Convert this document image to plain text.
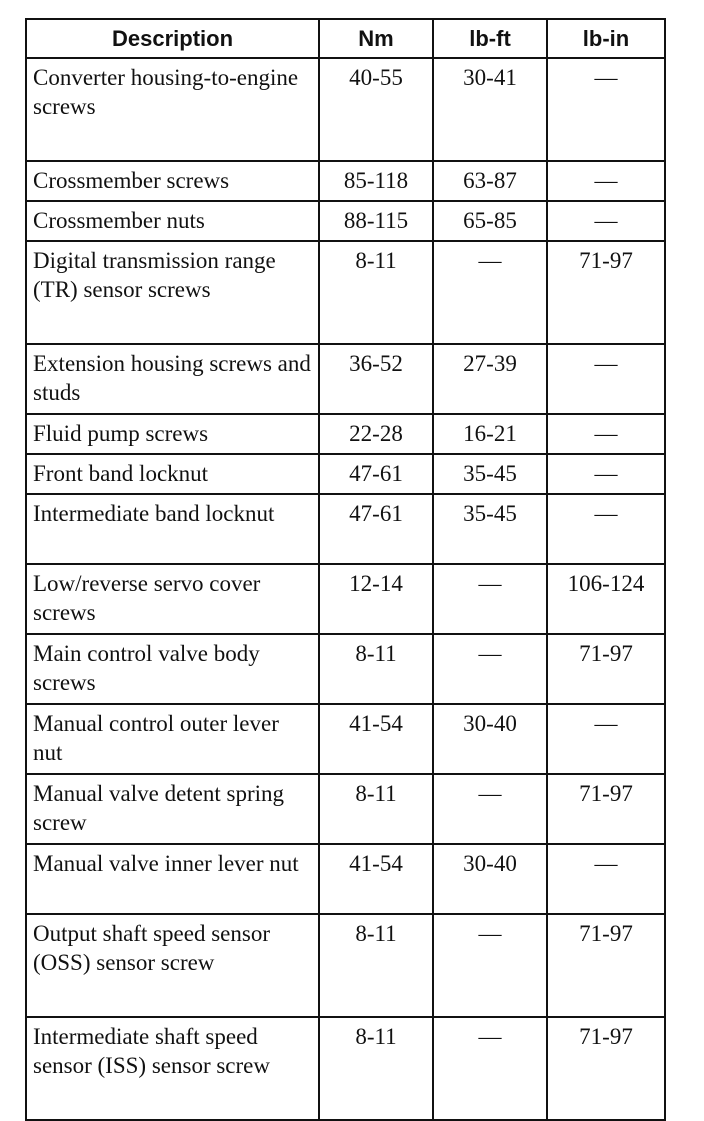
Description	Nm	lb-ft	lb-in
Converter housing-to-engine screws	40-55	30-41	—
Crossmember screws	85-118	63-87	—
Crossmember nuts	88-115	65-85	—
Digital transmission range (TR) sensor screws	8-11	—	71-97
Extension housing screws and studs	36-52	27-39	—
Fluid pump screws	22-28	16-21	—
Front band locknut	47-61	35-45	—
Intermediate band locknut	47-61	35-45	—
Low/reverse servo cover screws	12-14	—	106-124
Main control valve body screws	8-11	—	71-97
Manual control outer lever nut	41-54	30-40	—
Manual valve detent spring screw	8-11	—	71-97
Manual valve inner lever nut	41-54	30-40	—
Output shaft speed sensor (OSS) sensor screw	8-11	—	71-97
Intermediate shaft speed sensor (ISS) sensor screw	8-11	—	71-97
